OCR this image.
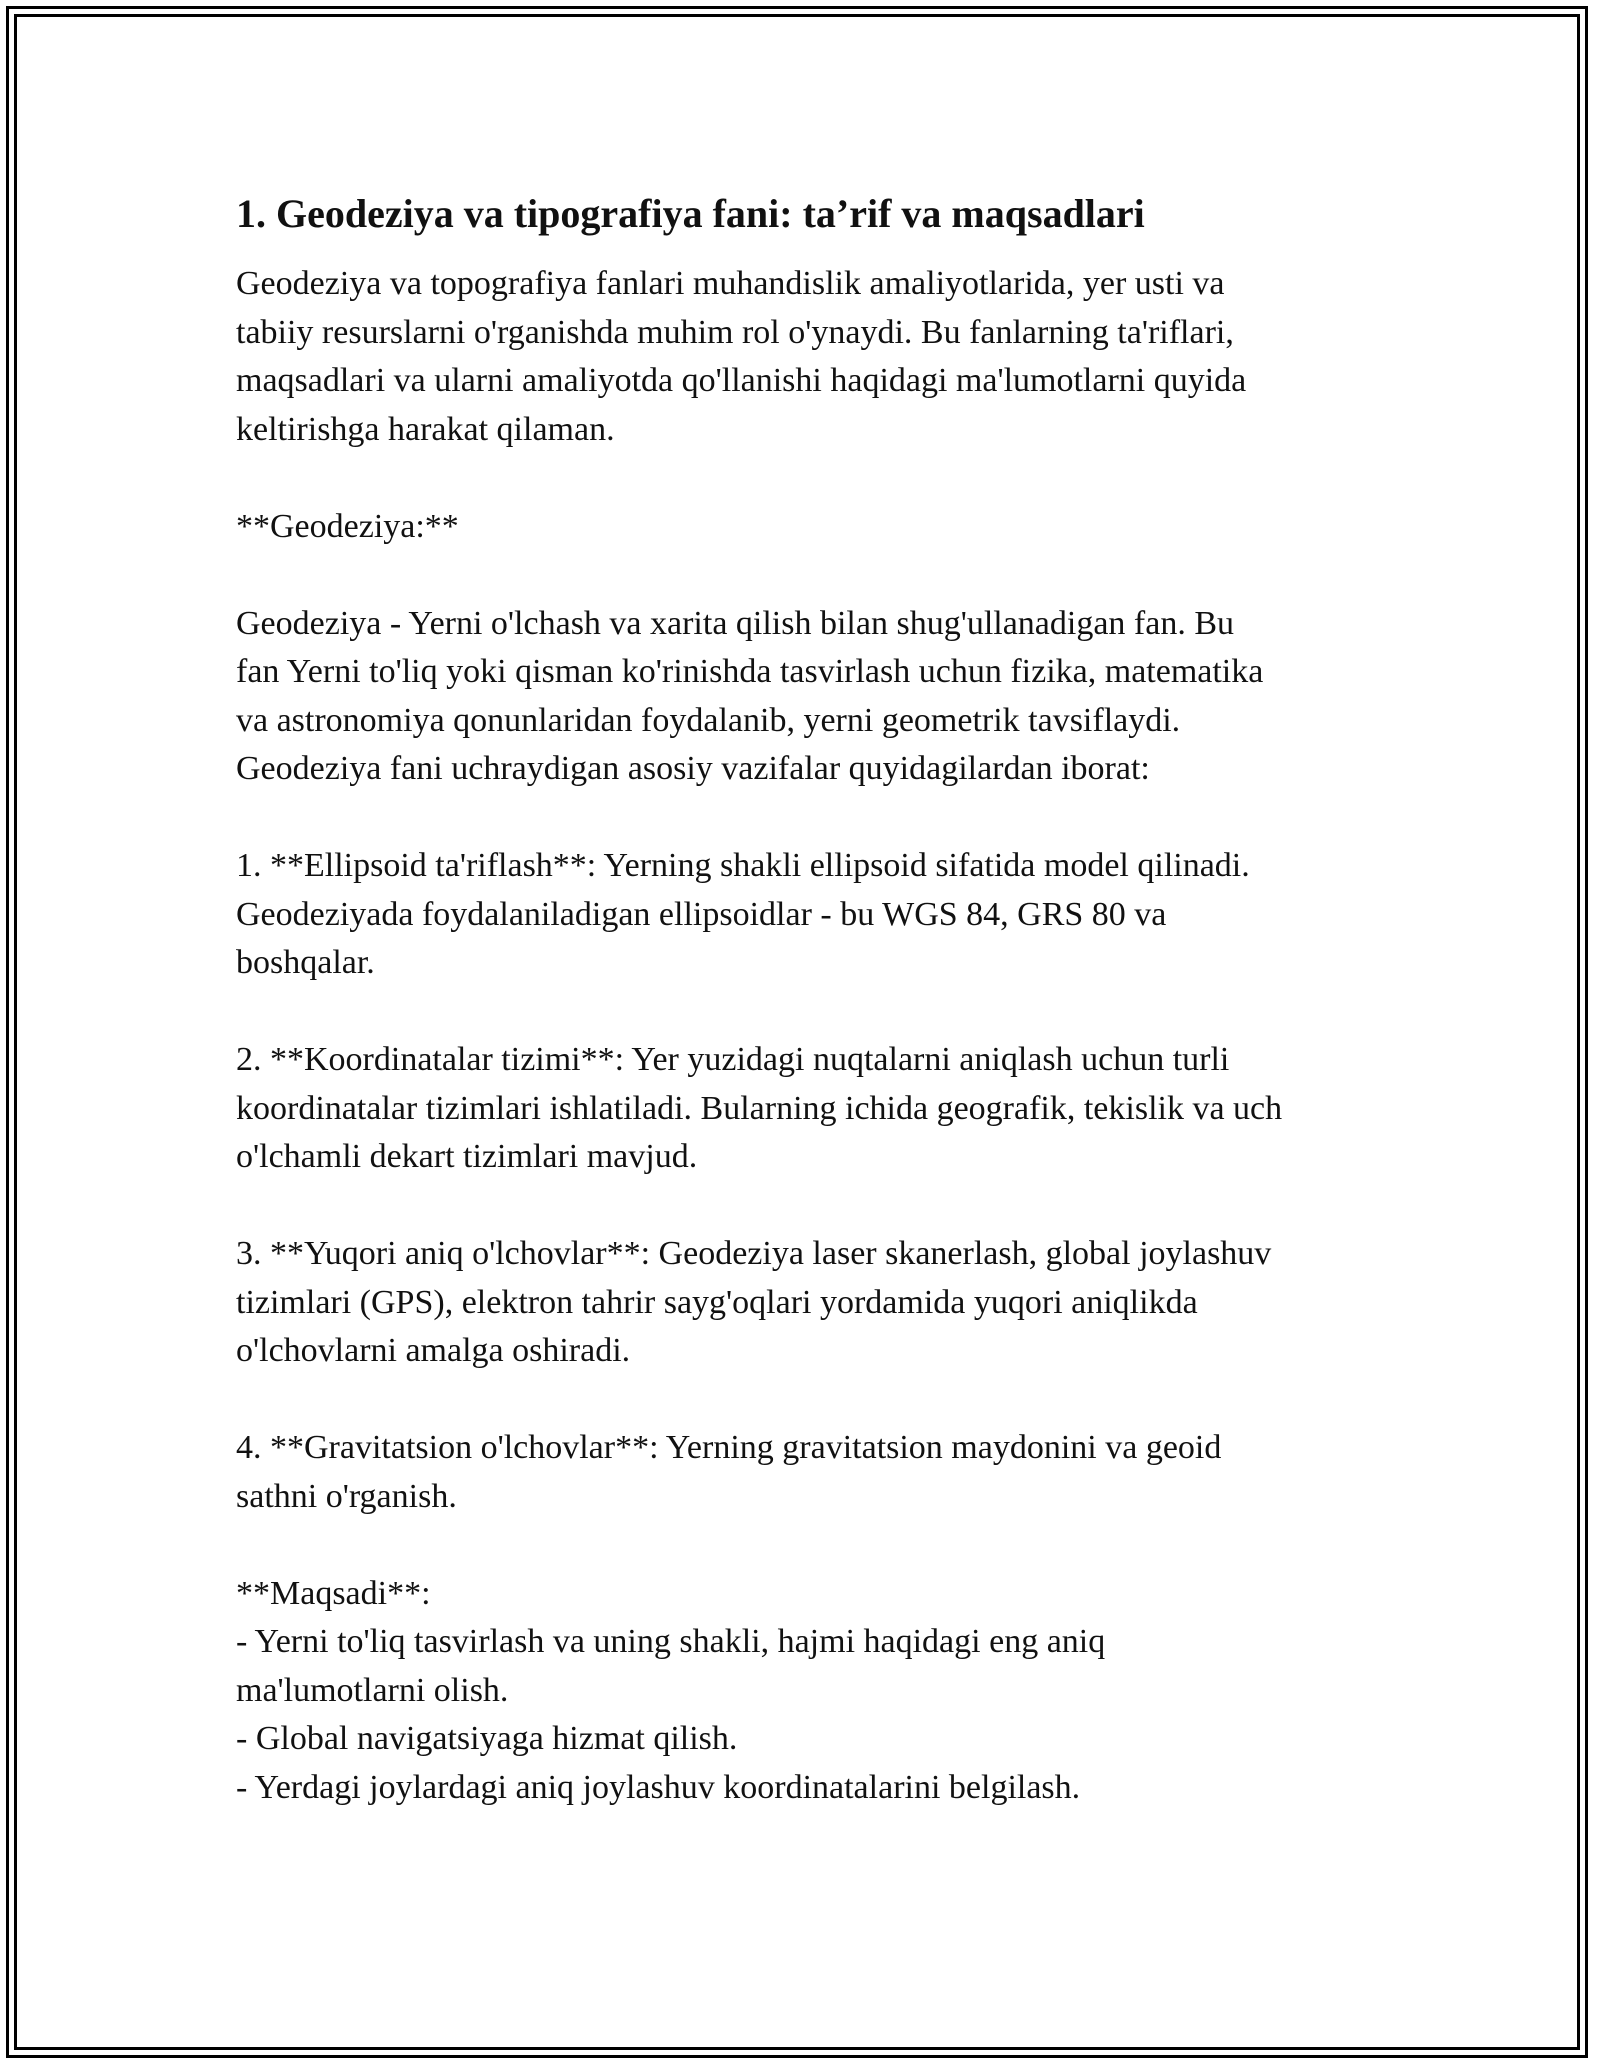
1. Geodeziya va tipografiya fani: ta’rif va maqsadlari

Geodeziya va topografiya fanlari muhandislik amaliyotlarida, yer usti va
tabiiy resurslarni o'rganishda muhim rol o'ynaydi. Bu fanlarning ta'riflari,
maqsadlari va ularni amaliyotda qo'llanishi haqidagi ma'lumotlarni quyida
keltirishga harakat qilaman.

**Geodeziya:**

Geodeziya - Yerni o'lchash va xarita qilish bilan shug'ullanadigan fan. Bu
fan Yerni to'liq yoki qisman ko'rinishda tasvirlash uchun fizika, matematika
va astronomiya qonunlaridan foydalanib, yerni geometrik tavsiflaydi.
Geodeziya fani uchraydigan asosiy vazifalar quyidagilardan iborat:

1. **Ellipsoid ta'riflash**: Yerning shakli ellipsoid sifatida model qilinadi.
Geodeziyada foydalaniladigan ellipsoidlar - bu WGS 84, GRS 80 va
boshqalar.

2. **Koordinatalar tizimi**: Yer yuzidagi nuqtalarni aniqlash uchun turli
koordinatalar tizimlari ishlatiladi. Bularning ichida geografik, tekislik va uch
o'lchamli dekart tizimlari mavjud.

3. **Yuqori aniq o'lchovlar**: Geodeziya laser skanerlash, global joylashuv
tizimlari (GPS), elektron tahrir sayg'oqlari yordamida yuqori aniqlikda
o'lchovlarni amalga oshiradi.

4. **Gravitatsion o'lchovlar**: Yerning gravitatsion maydonini va geoid
sathni o'rganish.

**Maqsadi**:

- Yerni to'liq tasvirlash va uning shakli, hajmi haqidagi eng aniq
ma'lumotlarni olish.
- Global navigatsiyaga hizmat qilish.
- Yerdagi joylardagi aniq joylashuv koordinatalarini belgilash.
